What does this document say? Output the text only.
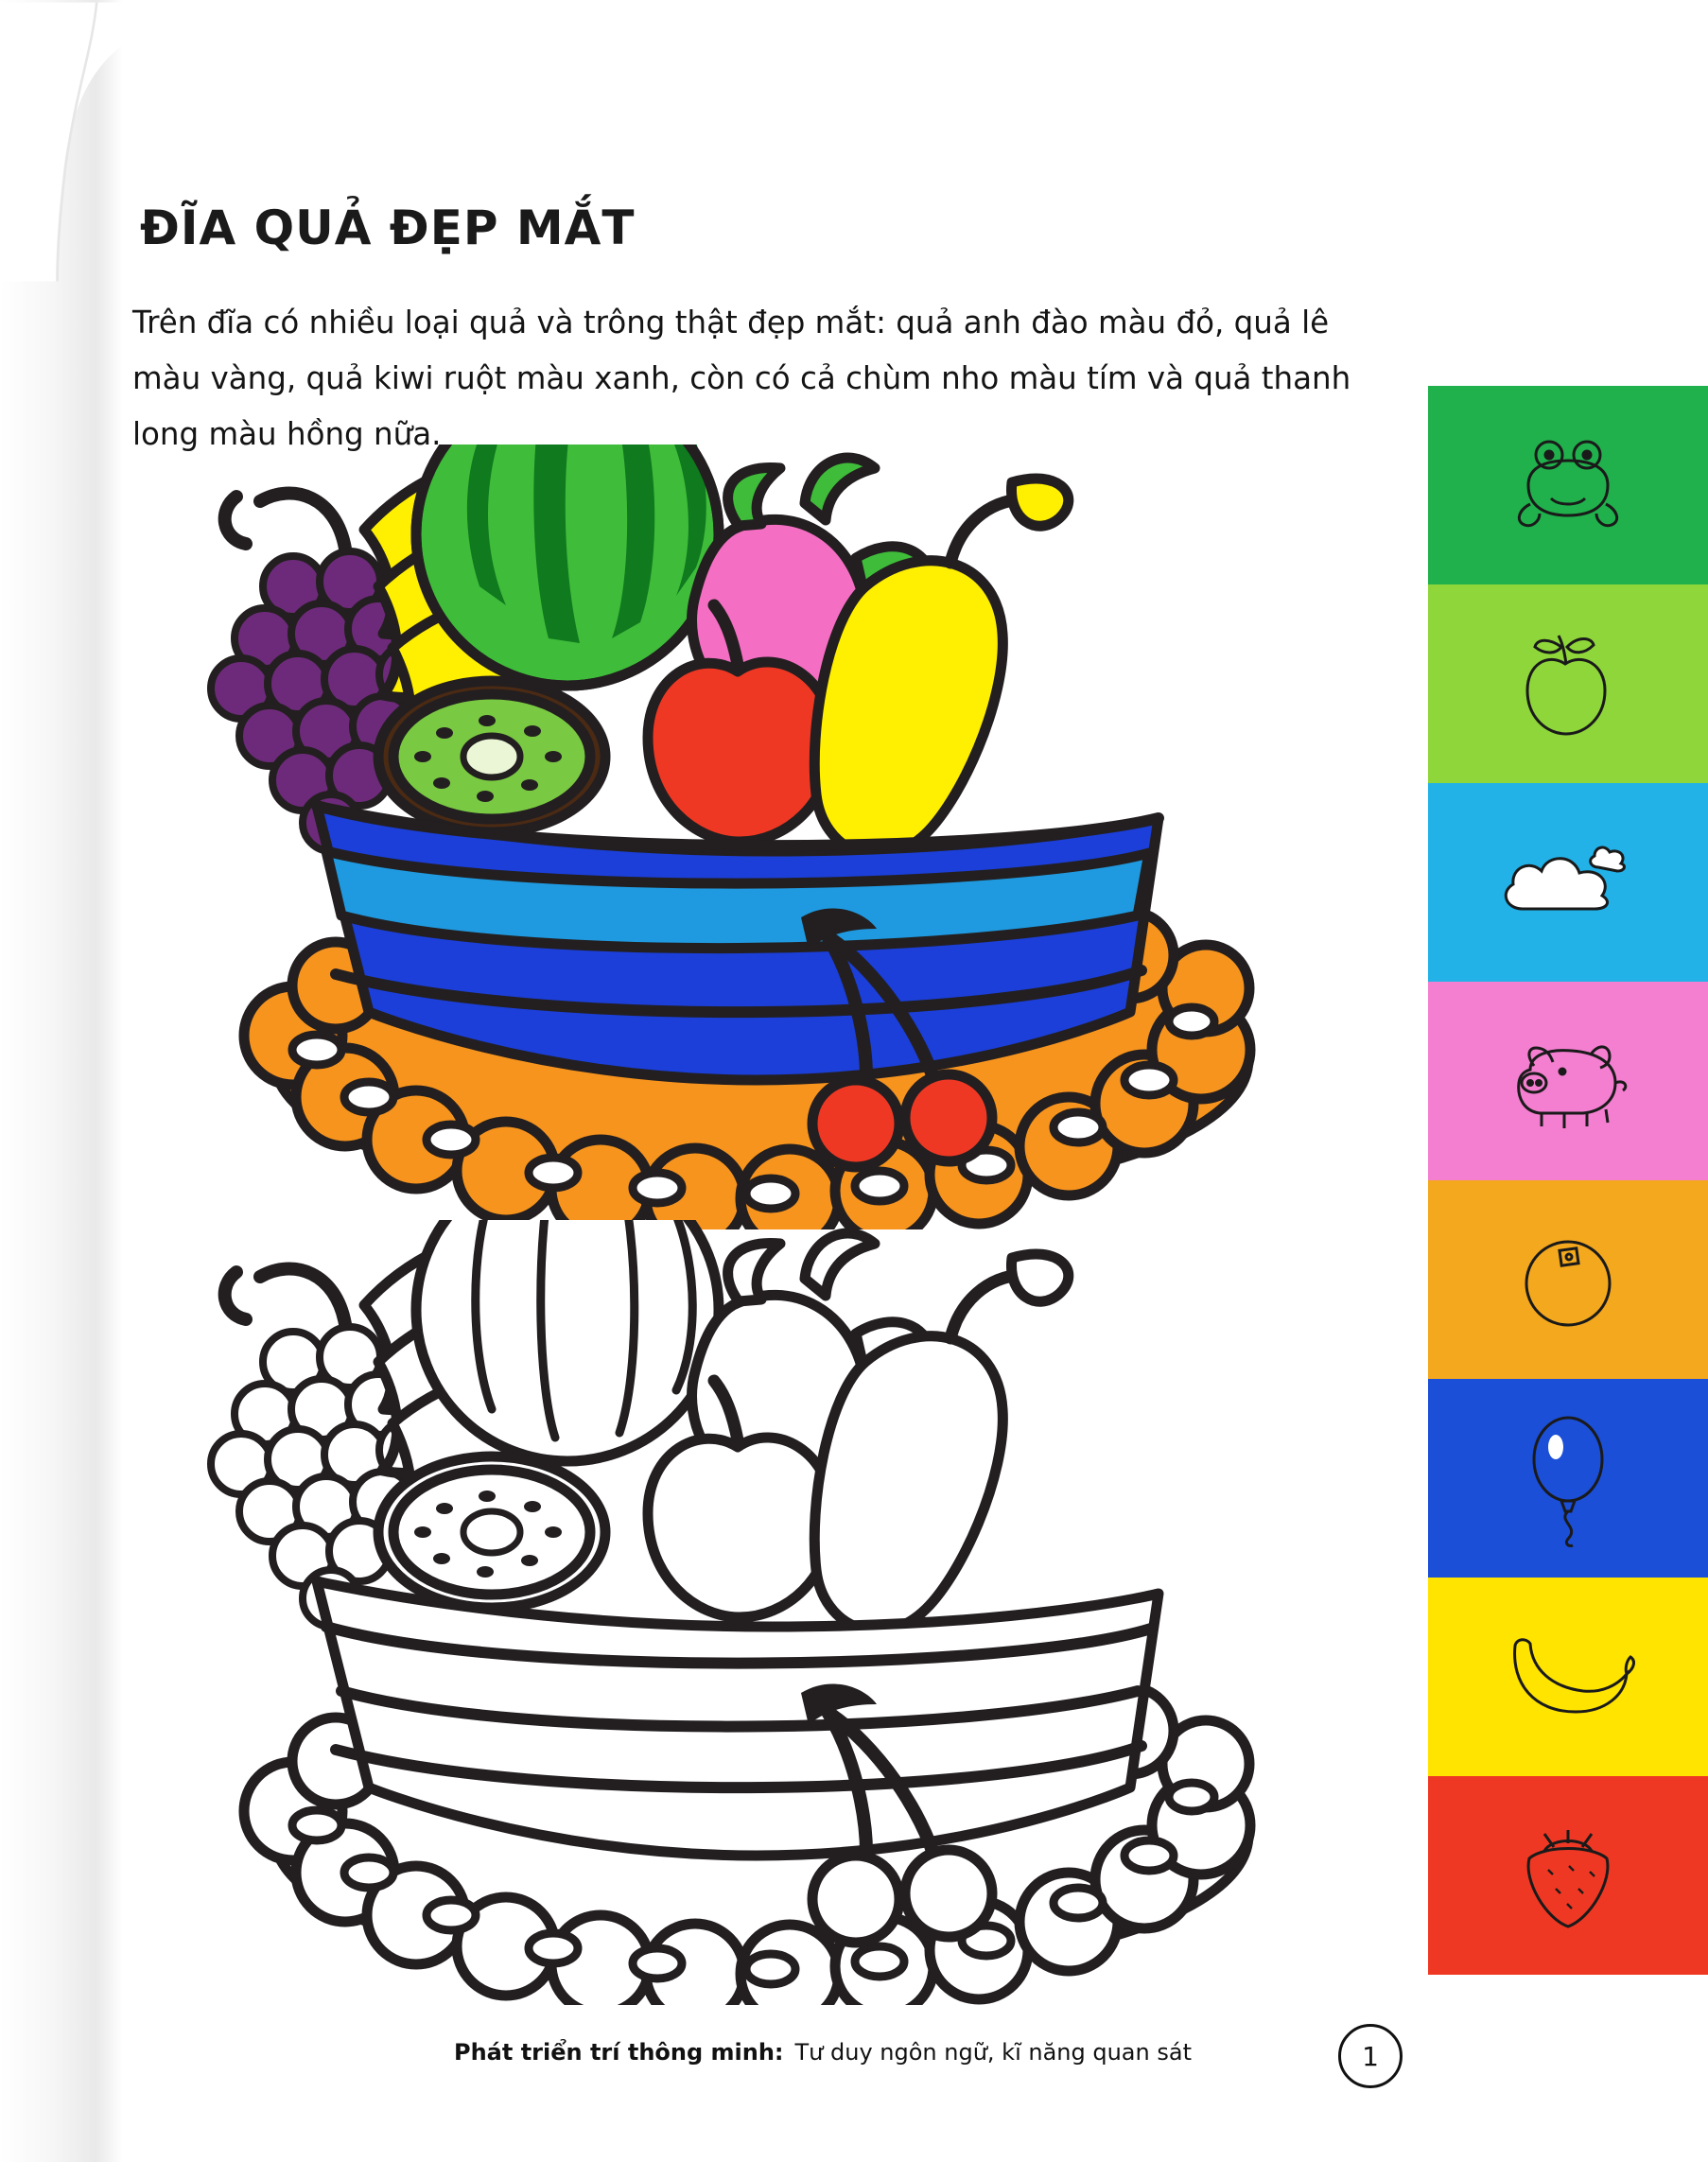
ĐĨA QUẢ ĐẸP MẮT
Trên đĩa có nhiều loại quả và trông thật đẹp mắt: quả anh đào màu đỏ, quả lê màu vàng, quả kiwi ruột màu xanh, còn có cả chùm nho màu tím và quả thanh long màu hồng nữa.
Phát triển trí thông minh: Tư duy ngôn ngữ, kĩ năng quan sát	1
